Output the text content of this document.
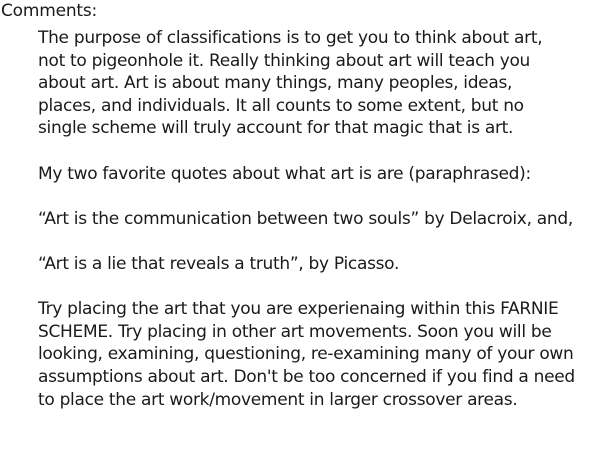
Comments:
The purpose of classifications is to get you to think about art,
not to pigeonhole it. Really thinking about art will teach you
about art. Art is about many things, many peoples, ideas,
places, and individuals. It all counts to some extent, but no
single scheme will truly account for that magic that is art.
My two favorite quotes about what art is are (paraphrased):
“Art is the communication between two souls” by Delacroix, and,
“Art is a lie that reveals a truth”, by Picasso.
Try placing the art that you are experienaing within this FARNIE
SCHEME. Try placing in other art movements. Soon you will be
looking, examining, questioning, re-examining many of your own
assumptions about art. Don't be too concerned if you find a need
to place the art work/movement in larger crossover areas.
